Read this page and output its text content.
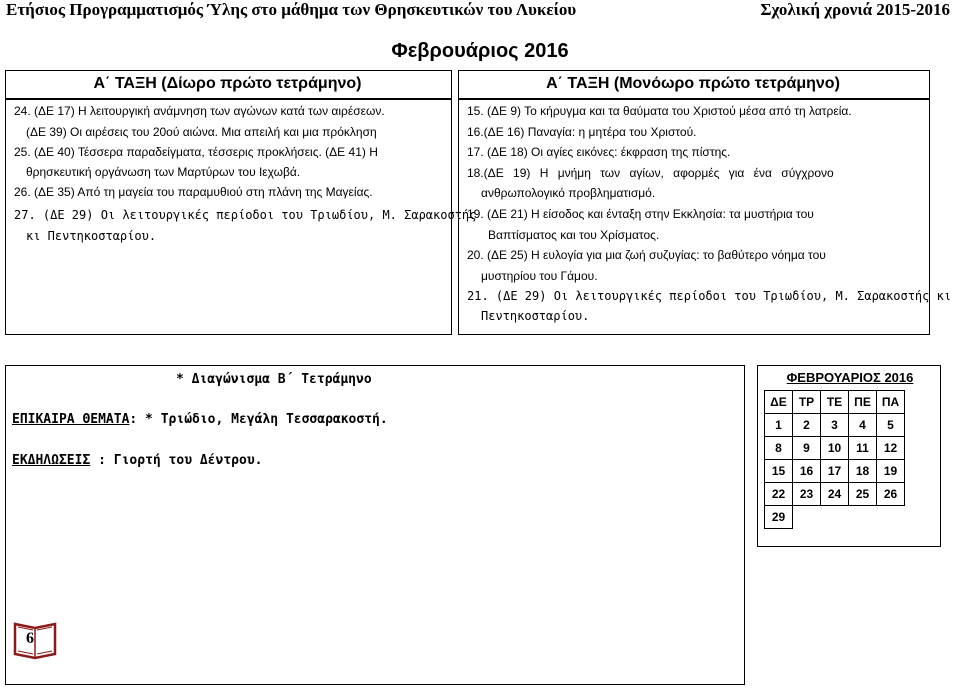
Ετήσιος Προγραμματισμός Ύλης στο μάθημα των Θρησκευτικών του Λυκείου	Σχολική χρονιά 2015-2016
Φεβρουάριος 2016
Α΄ ΤΑΞΗ (Δίωρο πρώτο τετράμηνο)	Α΄ ΤΑΞΗ (Μονόωρο πρώτο τετράμηνο)
24. (ΔΕ 17) Η λειτουργική ανάμνηση των αγώνων κατά των αιρέσεων.
(ΔΕ 39) Οι αιρέσεις του 20ού αιώνα. Μια απειλή και μια πρόκληση
25. (ΔΕ 40) Τέσσερα παραδείγματα, τέσσερις προκλήσεις. (ΔΕ 41) Η
θρησκευτική οργάνωση των Μαρτύρων του Ιεχωβά.
26. (ΔΕ 35) Από τη μαγεία του παραμυθιού στη πλάνη της Μαγείας.
27. (ΔΕ 29) Οι λειτουργικές περίοδοι του Τριωδίου, Μ. Σαρακοστής
κι Πεντηκοσταρίου.
15. (ΔΕ 9) Το κήρυγμα και τα θαύματα του Χριστού μέσα από τη λατρεία.
16.(ΔΕ 16) Παναγία: η μητέρα του Χριστού.
17. (ΔΕ 18) Οι αγίες εικόνες: έκφραση της πίστης.
18.(ΔΕ 19) Η μνήμη των αγίων, αφορμές για ένα σύγχρονο
ανθρωπολογικό προβληματισμό.
19. (ΔΕ 21) Η είσοδος και ένταξη στην Εκκλησία: τα μυστήρια του
Βαπτίσματος και του Χρίσματος.
20. (ΔΕ 25) Η ευλογία για μια ζωή συζυγίας: το βαθύτερο νόημα του
μυστηρίου του Γάμου.
21. (ΔΕ 29) Οι λειτουργικές περίοδοι του Τριωδίου, Μ. Σαρακοστής κι
Πεντηκοσταρίου.
* Διαγώνισμα Β΄ Τετράμηνο
ΕΠΙΚΑΙΡΑ ΘΕΜΑΤΑ: * Τριώδιο, Μεγάλη Τεσσαρακοστή.
ΕΚΔΗΛΩΣΕΙΣ : Γιορτή του Δέντρου.
ΦΕΒΡΟΥΑΡΙΟΣ 2016
ΔΕ	ΤΡ	ΤΕ	ΠΕ	ΠΑ
1	2	3	4	5
8	9	10	11	12
15	16	17	18	19
22	23	24	25	26
29				
6
